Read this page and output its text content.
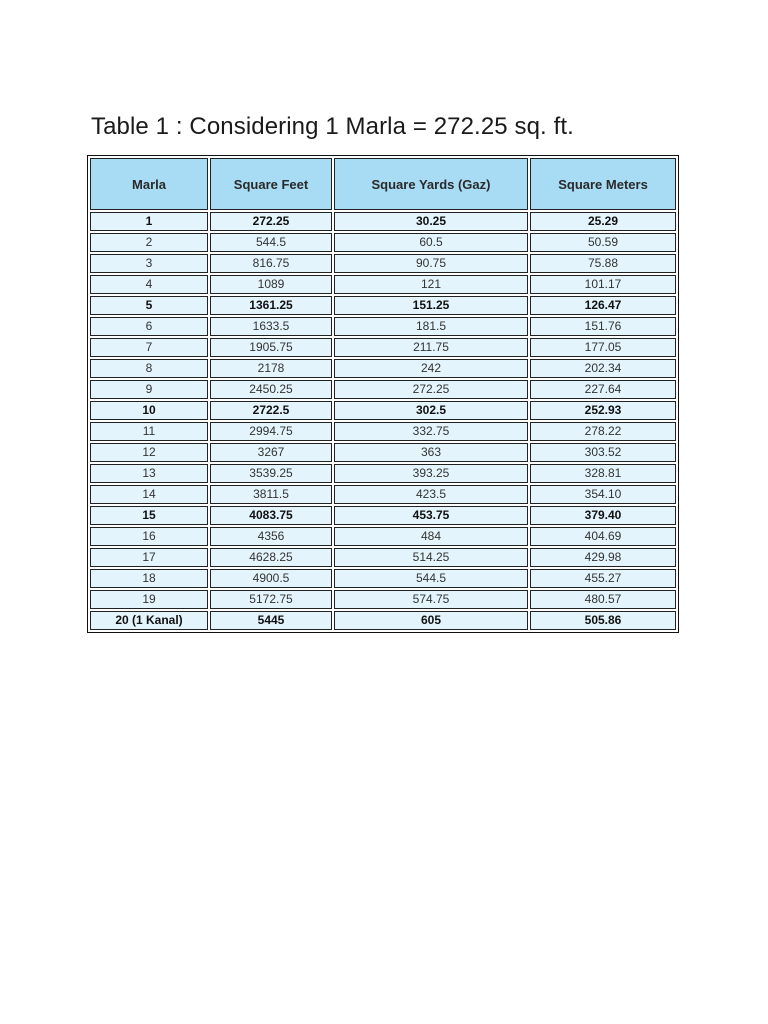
Table 1 : Considering 1 Marla = 272.25 sq. ft.
Marla	Square Feet	Square Yards (Gaz)	Square Meters
1	272.25	30.25	25.29
2	544.5	60.5	50.59
3	816.75	90.75	75.88
4	1089	121	101.17
5	1361.25	151.25	126.47
6	1633.5	181.5	151.76
7	1905.75	211.75	177.05
8	2178	242	202.34
9	2450.25	272.25	227.64
10	2722.5	302.5	252.93
11	2994.75	332.75	278.22
12	3267	363	303.52
13	3539.25	393.25	328.81
14	3811.5	423.5	354.10
15	4083.75	453.75	379.40
16	4356	484	404.69
17	4628.25	514.25	429.98
18	4900.5	544.5	455.27
19	5172.75	574.75	480.57
20 (1 Kanal)	5445	605	505.86
